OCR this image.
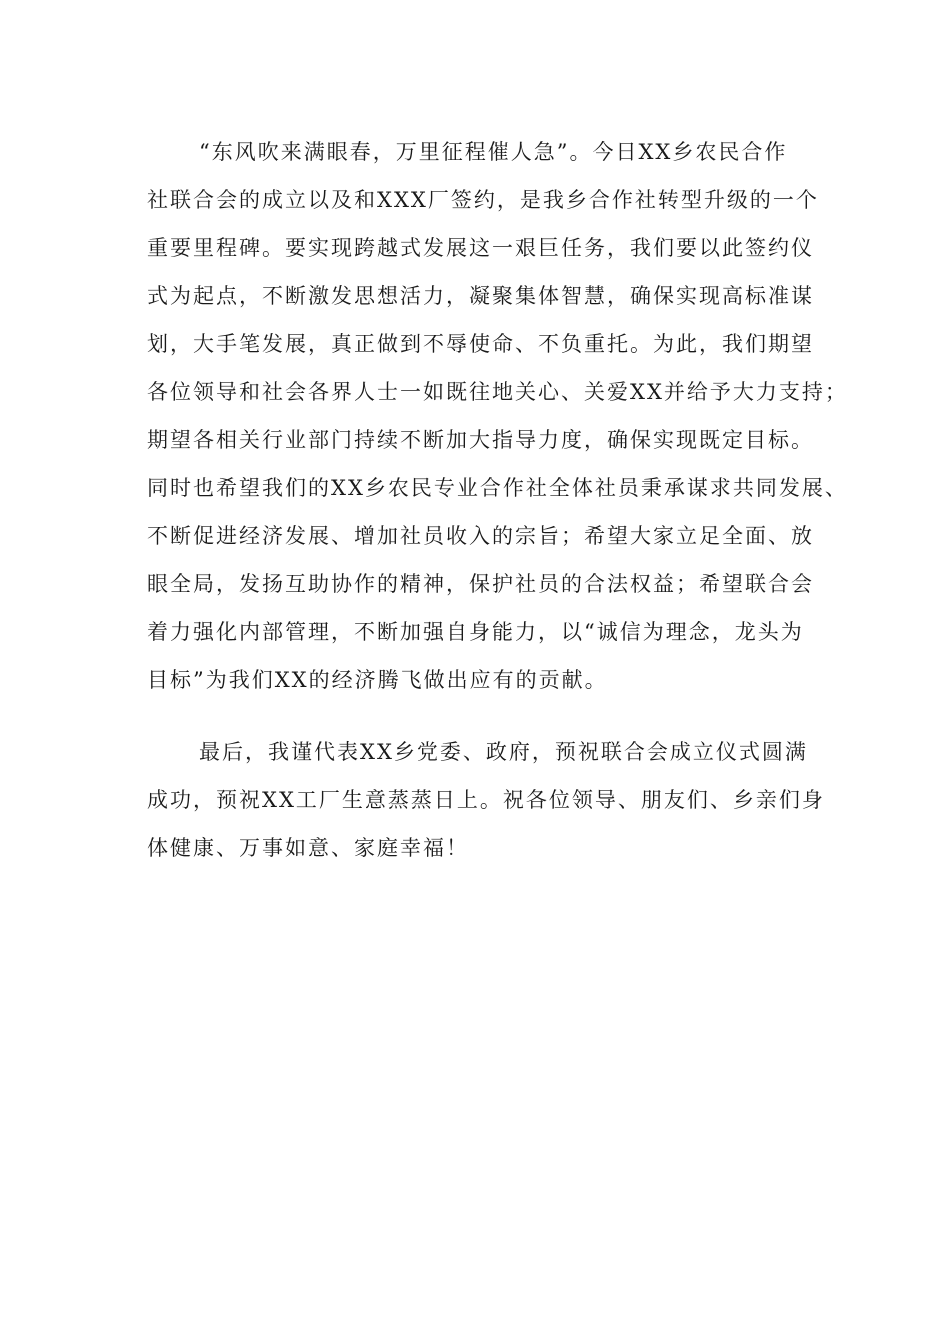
“东风吹来满眼春，万里征程催人急”。今日XX乡农民合作
社联合会的成立以及和XXX厂签约，是我乡合作社转型升级的一个
重要里程碑。要实现跨越式发展这一艰巨任务，我们要以此签约仪
式为起点，不断激发思想活力，凝聚集体智慧，确保实现高标准谋
划，大手笔发展，真正做到不辱使命、不负重托。为此，我们期望
各位领导和社会各界人士一如既往地关心、关爱XX并给予大力支持；
期望各相关行业部门持续不断加大指导力度，确保实现既定目标。
同时也希望我们的XX乡农民专业合作社全体社员秉承谋求共同发展、
不断促进经济发展、增加社员收入的宗旨；希望大家立足全面、放
眼全局，发扬互助协作的精神，保护社员的合法权益；希望联合会
着力强化内部管理，不断加强自身能力，以“诚信为理念，龙头为
目标”为我们XX的经济腾飞做出应有的贡献。
最后，我谨代表XX乡党委、政府，预祝联合会成立仪式圆满
成功，预祝XX工厂生意蒸蒸日上。祝各位领导、朋友们、乡亲们身
体健康、万事如意、家庭幸福！
